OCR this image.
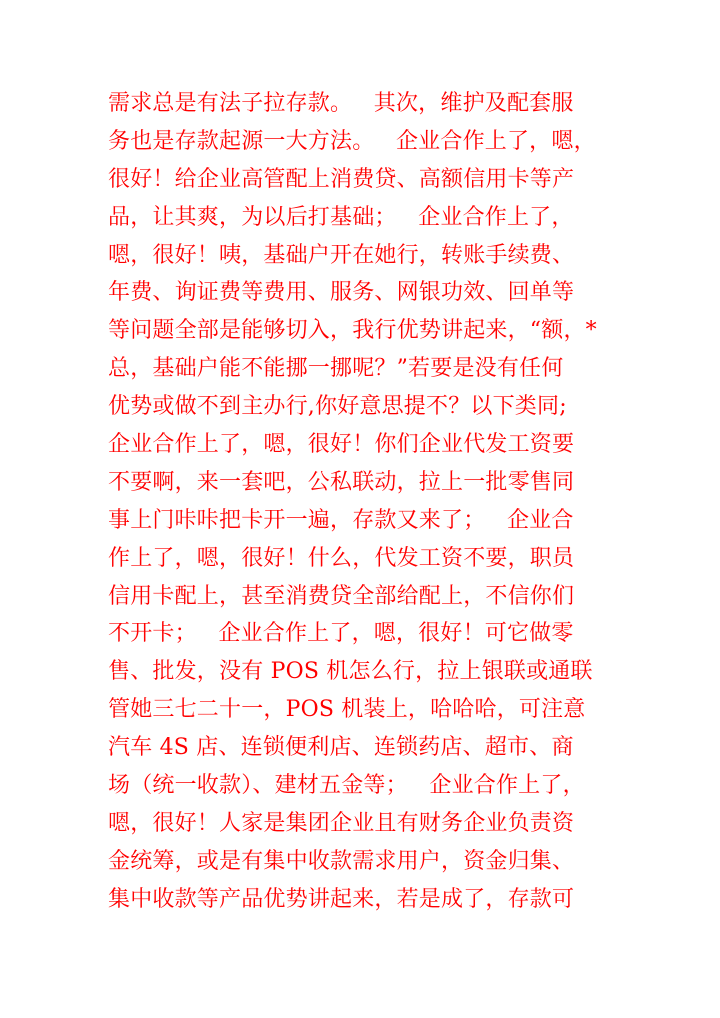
需求总是有法子拉存款。   其次，维护及配套服
务也是存款起源一大方法。   企业合作上了，嗯，
很好！给企业高管配上消费贷、高额信用卡等产
品，让其爽，为以后打基础；   企业合作上了，
嗯，很好！咦，基础户开在她行，转账手续费、
年费、询证费等费用、服务、网银功效、回单等
等问题全部是能够切入，我行优势讲起来，“额，*
总，基础户能不能挪一挪呢？”若要是没有任何
优势或做不到主办行,你好意思提不？以下类同;
企业合作上了，嗯，很好！你们企业代发工资要
不要啊，来一套吧，公私联动，拉上一批零售同
事上门咔咔把卡开一遍，存款又来了；   企业合
作上了，嗯，很好！什么，代发工资不要，职员
信用卡配上，甚至消费贷全部给配上，不信你们
不开卡；   企业合作上了，嗯，很好！可它做零
售、批发，没有 POS 机怎么行，拉上银联或通联
管她三七二十一，POS 机装上，哈哈哈，可注意
汽车 4S 店、连锁便利店、连锁药店、超市、商
场（统一收款）、建材五金等；   企业合作上了，
嗯，很好！人家是集团企业且有财务企业负责资
金统筹，或是有集中收款需求用户，资金归集、
集中收款等产品优势讲起来，若是成了，存款可
